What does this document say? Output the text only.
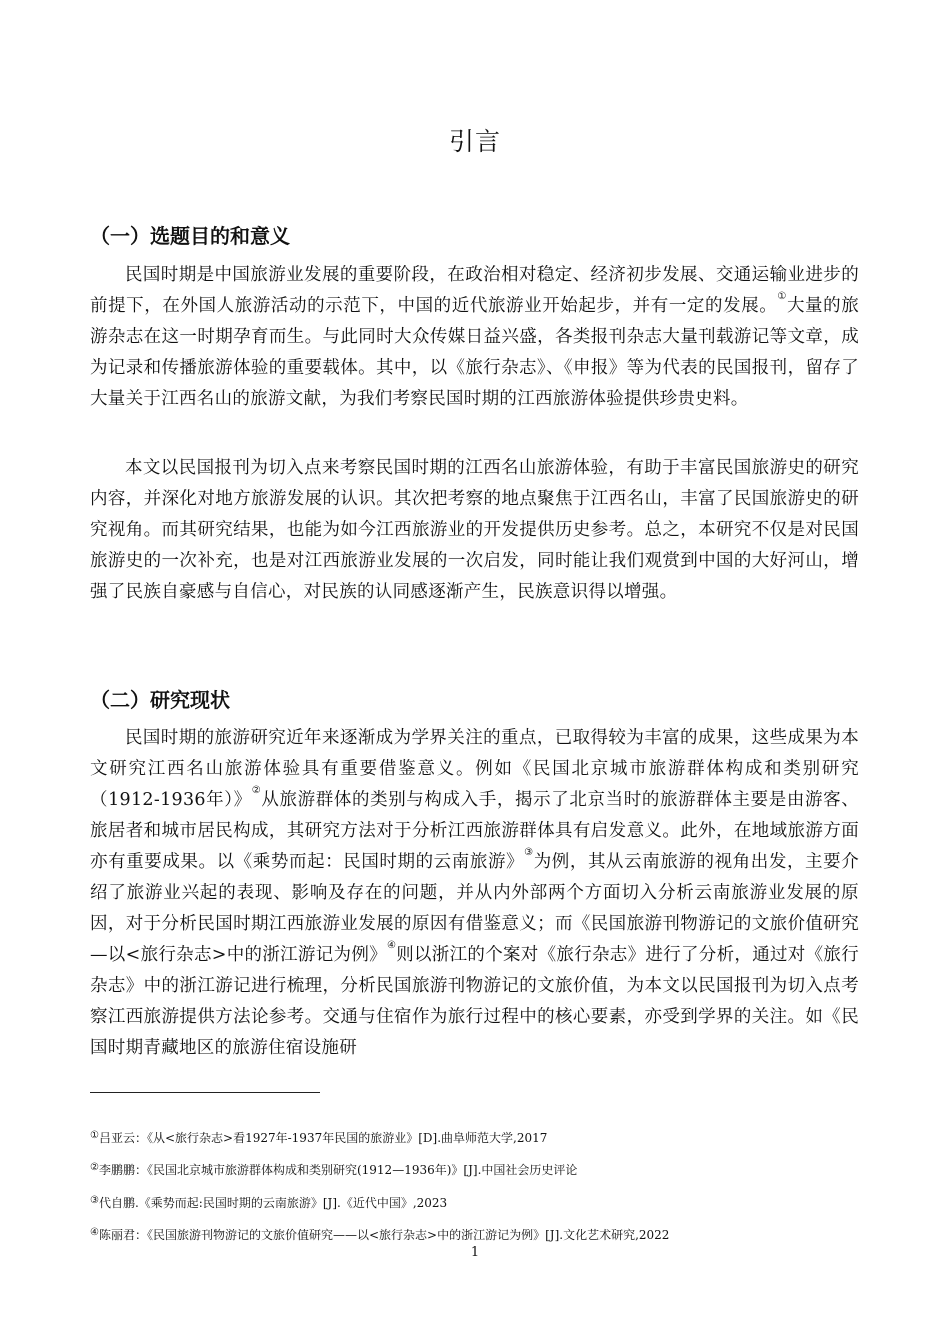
引言
（一）选题目的和意义

民国时期是中国旅游业发展的重要阶段，在政治相对稳定、经济初步发展、交通运输业进步的前提下，在外国人旅游活动的示范下，中国的近代旅游业开始起步，并有一定的发展。①大量的旅游杂志在这一时期孕育而生。与此同时大众传媒日益兴盛，各类报刊杂志大量刊载游记等文章，成为记录和传播旅游体验的重要载体。其中，以《旅行杂志》、《申报》等为代表的民国报刊，留存了大量关于江西名山的旅游文献，为我们考察民国时期的江西旅游体验提供珍贵史料。

本文以民国报刊为切入点来考察民国时期的江西名山旅游体验，有助于丰富民国旅游史的研究内容，并深化对地方旅游发展的认识。其次把考察的地点聚焦于江西名山，丰富了民国旅游史的研究视角。而其研究结果，也能为如今江西旅游业的开发提供历史参考。总之，本研究不仅是对民国旅游史的一次补充，也是对江西旅游业发展的一次启发，同时能让我们观赏到中国的大好河山，增强了民族自豪感与自信心，对民族的认同感逐渐产生，民族意识得以增强。

（二）研究现状

民国时期的旅游研究近年来逐渐成为学界关注的重点，已取得较为丰富的成果，这些成果为本文研究江西名山旅游体验具有重要借鉴意义。例如《民国北京城市旅游群体构成和类别研究（1912-1936年）》②从旅游群体的类别与构成入手，揭示了北京当时的旅游群体主要是由游客、旅居者和城市居民构成，其研究方法对于分析江西旅游群体具有启发意义。此外，在地域旅游方面亦有重要成果。以《乘势而起：民国时期的云南旅游》③为例，其从云南旅游的视角出发，主要介绍了旅游业兴起的表现、影响及存在的问题，并从内外部两个方面切入分析云南旅游业发展的原因，对于分析民国时期江西旅游业发展的原因有借鉴意义；而《民国旅游刊物游记的文旅价值研究—以<旅行杂志>中的浙江游记为例》④则以浙江的个案对《旅行杂志》进行了分析，通过对《旅行杂志》中的浙江游记进行梳理，分析民国旅游刊物游记的文旅价值，为本文以民国报刊为切入点考察江西旅游提供方法论参考。交通与住宿作为旅行过程中的核心要素，亦受到学界的关注。如《民国时期青藏地区的旅游住宿设施研

①吕亚云：《从<旅行杂志>看1927年-1937年民国的旅游业》[D].曲阜师范大学,2017
②李鹏鹏：《民国北京城市旅游群体构成和类别研究(1912—1936年)》[J].中国社会历史评论
③代自鹏.《乘势而起:民国时期的云南旅游》[J].《近代中国》,2023
④陈丽君：《民国旅游刊物游记的文旅价值研究——以<旅行杂志>中的浙江游记为例》[J].文化艺术研究,2022
1
